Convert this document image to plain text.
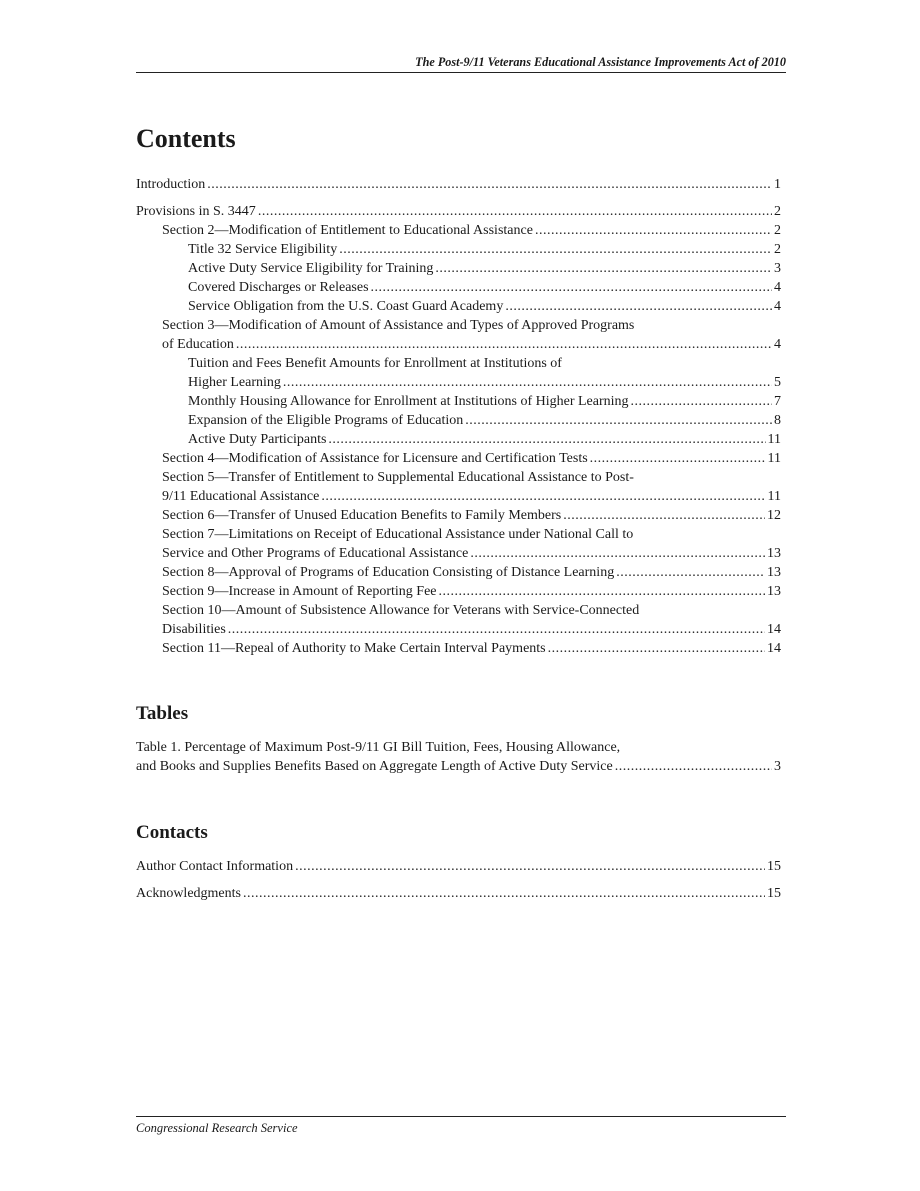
The Post-9/11 Veterans Educational Assistance Improvements Act of 2010
Contents
Introduction .....	1
Provisions in S. 3447 .....	2
Section 2—Modification of Entitlement to Educational Assistance .....	2
Title 32 Service Eligibility .....	2
Active Duty Service Eligibility for Training .....	3
Covered Discharges or Releases .....	4
Service Obligation from the U.S. Coast Guard Academy .....	4
Section 3—Modification of Amount of Assistance and Types of Approved Programs
of Education .....	4
Tuition and Fees Benefit Amounts for Enrollment at Institutions of
Higher Learning .....	5
Monthly Housing Allowance for Enrollment at Institutions of Higher Learning .....	7
Expansion of the Eligible Programs of Education .....	8
Active Duty Participants .....	11
Section 4—Modification of Assistance for Licensure and Certification Tests .....	11
Section 5—Transfer of Entitlement to Supplemental Educational Assistance to Post-
9/11 Educational Assistance .....	11
Section 6—Transfer of Unused Education Benefits to Family Members .....	12
Section 7—Limitations on Receipt of Educational Assistance under National Call to
Service and Other Programs of Educational Assistance .....	13
Section 8—Approval of Programs of Education Consisting of Distance Learning .....	13
Section 9—Increase in Amount of Reporting Fee .....	13
Section 10—Amount of Subsistence Allowance for Veterans with Service-Connected
Disabilities .....	14
Section 11—Repeal of Authority to Make Certain Interval Payments .....	14
Tables
Table 1. Percentage of Maximum Post-9/11 GI Bill Tuition, Fees, Housing Allowance,
and Books and Supplies Benefits Based on Aggregate Length of Active Duty Service .....	3
Contacts
Author Contact Information .....	15
Acknowledgments .....	15
Congressional Research Service
